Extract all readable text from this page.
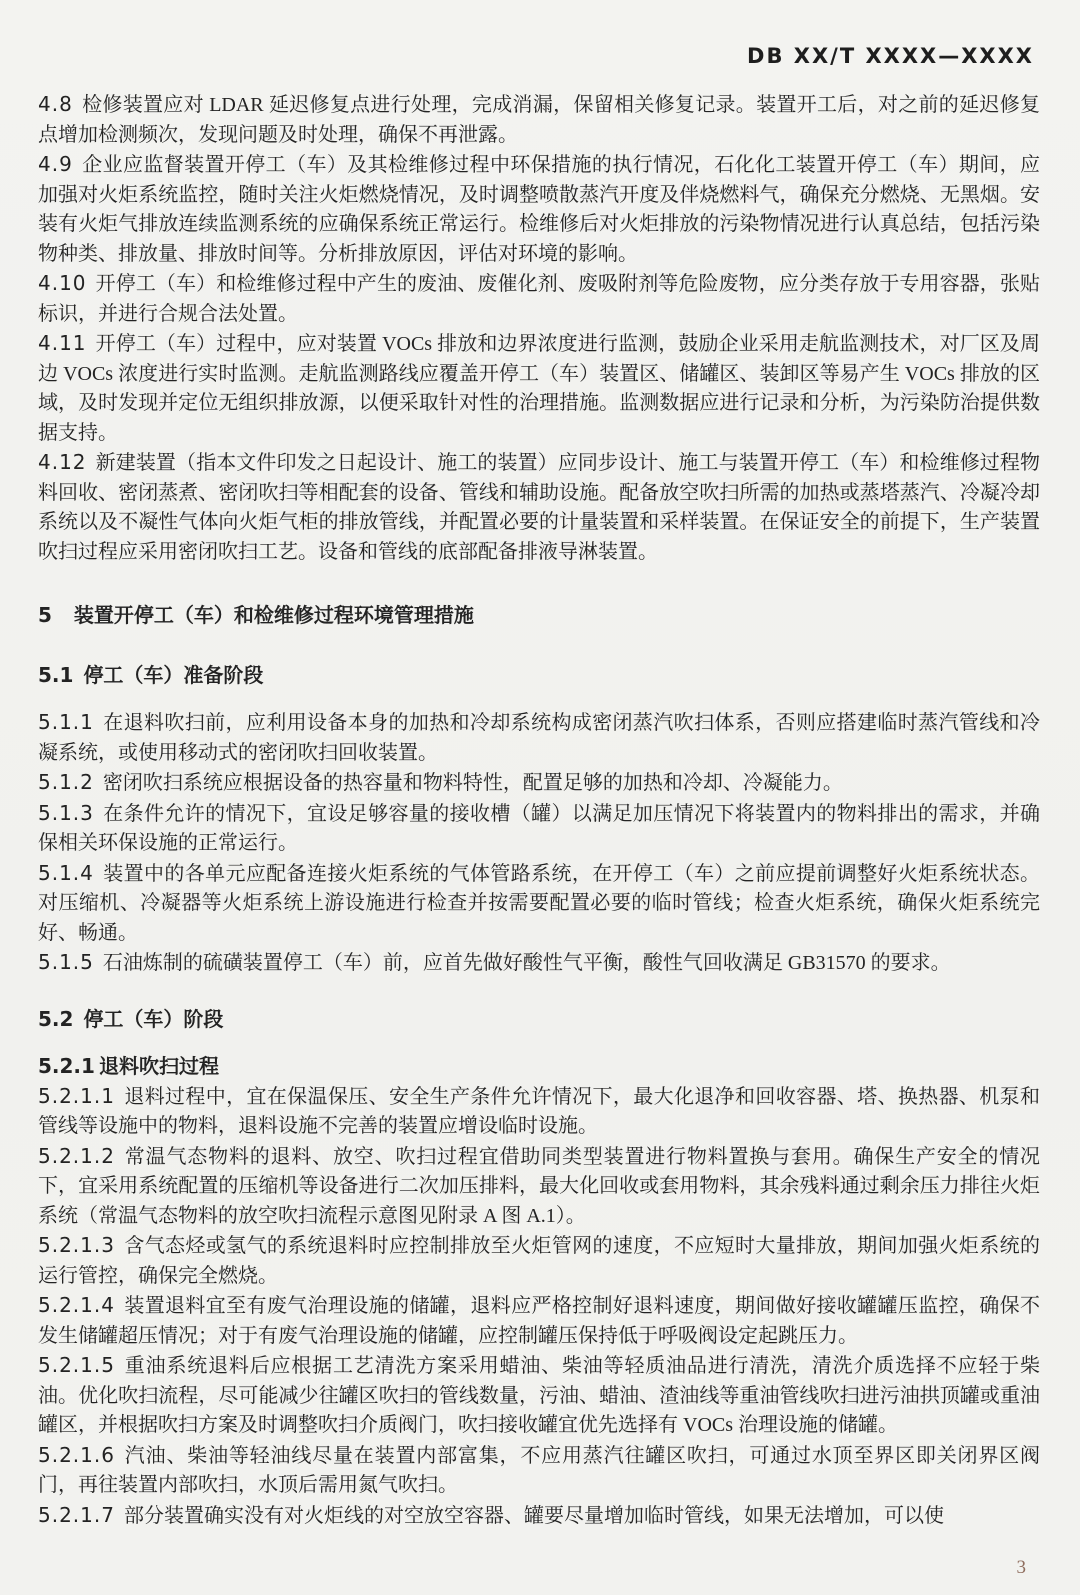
DB XX/T XXXX—XXXX

4.8 检修装置应对 LDAR 延迟修复点进行处理，完成消漏，保留相关修复记录。装置开工后，对之前的延迟修复点增加检测频次，发现问题及时处理，确保不再泄露。

4.9 企业应监督装置开停工（车）及其检维修过程中环保措施的执行情况，石化化工装置开停工（车）期间，应加强对火炬系统监控，随时关注火炬燃烧情况，及时调整喷散蒸汽开度及伴烧燃料气，确保充分燃烧、无黑烟。安装有火炬气排放连续监测系统的应确保系统正常运行。检维修后对火炬排放的污染物情况进行认真总结，包括污染物种类、排放量、排放时间等。分析排放原因，评估对环境的影响。

4.10 开停工（车）和检维修过程中产生的废油、废催化剂、废吸附剂等危险废物，应分类存放于专用容器，张贴标识，并进行合规合法处置。

4.11 开停工（车）过程中，应对装置 VOCs 排放和边界浓度进行监测，鼓励企业采用走航监测技术，对厂区及周边 VOCs 浓度进行实时监测。走航监测路线应覆盖开停工（车）装置区、储罐区、装卸区等易产生 VOCs 排放的区域，及时发现并定位无组织排放源，以便采取针对性的治理措施。监测数据应进行记录和分析，为污染防治提供数据支持。

4.12 新建装置（指本文件印发之日起设计、施工的装置）应同步设计、施工与装置开停工（车）和检维修过程物料回收、密闭蒸煮、密闭吹扫等相配套的设备、管线和辅助设施。配备放空吹扫所需的加热或蒸塔蒸汽、冷凝冷却系统以及不凝性气体向火炬气柜的排放管线，并配置必要的计量装置和采样装置。在保证安全的前提下，生产装置吹扫过程应采用密闭吹扫工艺。设备和管线的底部配备排液导淋装置。

5 装置开停工（车）和检维修过程环境管理措施

5.1 停工（车）准备阶段

5.1.1 在退料吹扫前，应利用设备本身的加热和冷却系统构成密闭蒸汽吹扫体系，否则应搭建临时蒸汽管线和冷凝系统，或使用移动式的密闭吹扫回收装置。

5.1.2 密闭吹扫系统应根据设备的热容量和物料特性，配置足够的加热和冷却、冷凝能力。

5.1.3 在条件允许的情况下，宜设足够容量的接收槽（罐）以满足加压情况下将装置内的物料排出的需求，并确保相关环保设施的正常运行。

5.1.4 装置中的各单元应配备连接火炬系统的气体管路系统，在开停工（车）之前应提前调整好火炬系统状态。对压缩机、冷凝器等火炬系统上游设施进行检查并按需要配置必要的临时管线；检查火炬系统，确保火炬系统完好、畅通。

5.1.5 石油炼制的硫磺装置停工（车）前，应首先做好酸性气平衡，酸性气回收满足 GB31570 的要求。

5.2 停工（车）阶段

5.2.1 退料吹扫过程

5.2.1.1 退料过程中，宜在保温保压、安全生产条件允许情况下，最大化退净和回收容器、塔、换热器、机泵和管线等设施中的物料，退料设施不完善的装置应增设临时设施。

5.2.1.2 常温气态物料的退料、放空、吹扫过程宜借助同类型装置进行物料置换与套用。确保生产安全的情况下，宜采用系统配置的压缩机等设备进行二次加压排料，最大化回收或套用物料，其余残料通过剩余压力排往火炬系统（常温气态物料的放空吹扫流程示意图见附录 A 图 A.1）。

5.2.1.3 含气态烃或氢气的系统退料时应控制排放至火炬管网的速度，不应短时大量排放，期间加强火炬系统的运行管控，确保完全燃烧。

5.2.1.4 装置退料宜至有废气治理设施的储罐，退料应严格控制好退料速度，期间做好接收罐罐压监控，确保不发生储罐超压情况；对于有废气治理设施的储罐，应控制罐压保持低于呼吸阀设定起跳压力。

5.2.1.5 重油系统退料后应根据工艺清洗方案采用蜡油、柴油等轻质油品进行清洗，清洗介质选择不应轻于柴油。优化吹扫流程，尽可能减少往罐区吹扫的管线数量，污油、蜡油、渣油线等重油管线吹扫进污油拱顶罐或重油罐区，并根据吹扫方案及时调整吹扫介质阀门，吹扫接收罐宜优先选择有 VOCs 治理设施的储罐。

5.2.1.6 汽油、柴油等轻油线尽量在装置内部富集，不应用蒸汽往罐区吹扫，可通过水顶至界区即关闭界区阀门，再往装置内部吹扫，水顶后需用氮气吹扫。

5.2.1.7 部分装置确实没有对火炬线的对空放空容器、罐要尽量增加临时管线，如果无法增加，可以使

3
